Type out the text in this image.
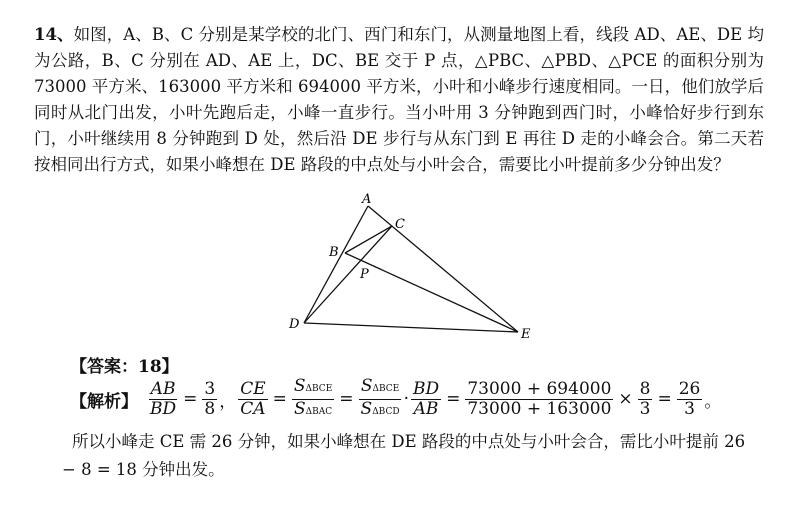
14、如图，A、B、C 分别是某学校的北门、西门和东门，从测量地图上看，线段 AD、AE、DE 均为公路，B、C 分别在 AD、AE 上，DC、BE 交于 P 点，△PBC、△PBD、△PCE 的面积分别为 73000 平方米、163000 平方米和 694000 平方米，小叶和小峰步行速度相同。一日，他们放学后同时从北门出发，小叶先跑后走，小峰一直步行。当小叶用 3 分钟跑到西门时，小峰恰好步行到东门，小叶继续用 8 分钟跑到 D 处，然后沿 DE 步行与从东门到 E 再往 D 走的小峰会合。第二天若按相同出行方式，如果小峰想在 DE 路段的中点处与小叶会合，需要比小叶提前多少分钟出发？
A
B
C
D
E
P
【答案：18】
【解析】 $\frac{AB}{BD} = \frac{3}{8}$ ， $\frac{CE}{CA} = \frac{\text{SΔBCE}}{\text{SΔBAC}} = \frac{\text{SΔBCE}}{\text{SΔBCD}} \cdot \frac{BD}{AB} = \frac{73000 + 694000}{73000 + 163000} \times \frac{8}{3} = \frac{26}{3}$ 。
所以小峰走 CE 需 26 分钟，如果小峰想在 DE 路段的中点处与小叶会合，需比小叶提前 26 − 8 = 18 分钟出发。
